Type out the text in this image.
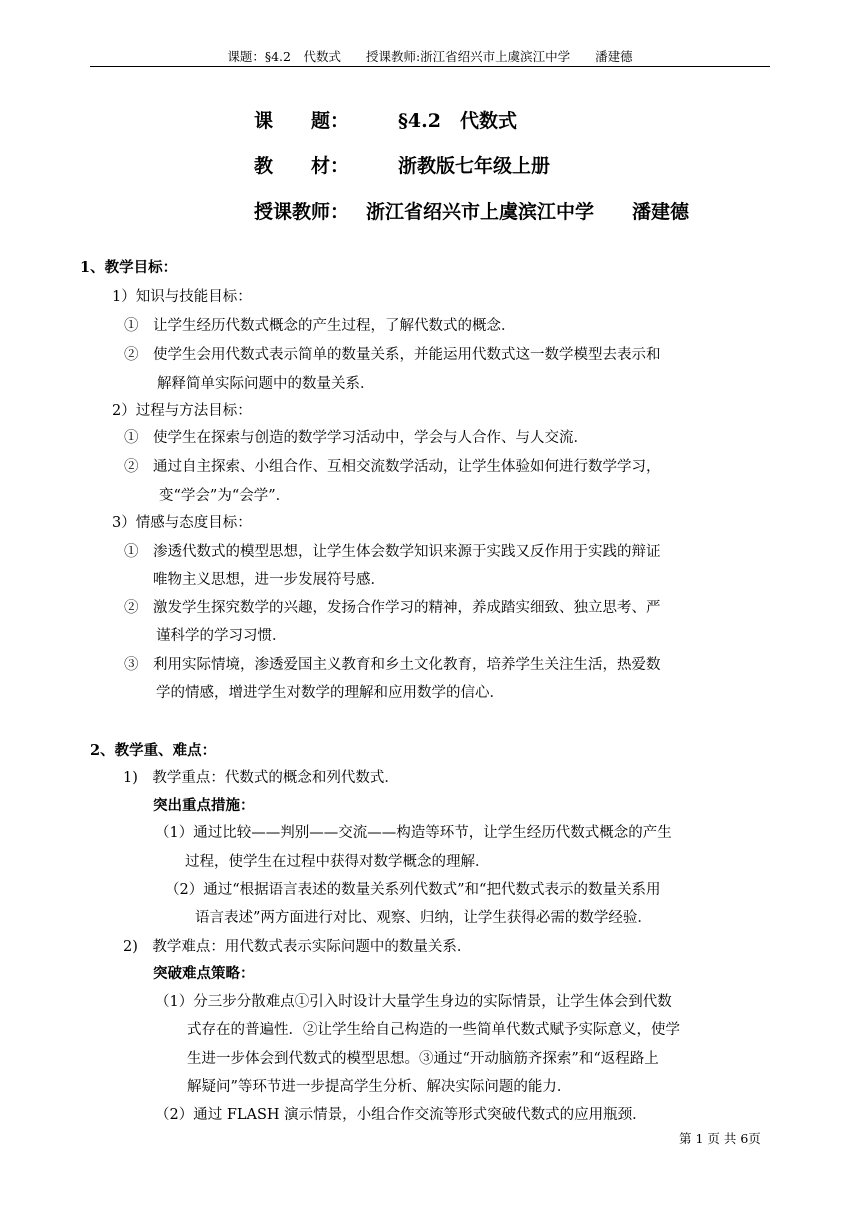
课题：§4.2　代数式　　授课教师:浙江省绍兴市上虞滨江中学　　潘建德
课　　题：	§4.2　代数式
教　　材：	浙教版七年级上册
授课教师： 浙江省绍兴市上虞滨江中学　　潘建德
1、教学目标：
1）知识与技能目标：
①　让学生经历代数式概念的产生过程，了解代数式的概念．
②　使学生会用代数式表示简单的数量关系，并能运用代数式这一数学模型去表示和
解释简单实际问题中的数量关系．
2）过程与方法目标：
①　使学生在探索与创造的数学学习活动中，学会与人合作、与人交流．
②　通过自主探索、小组合作、互相交流数学活动，让学生体验如何进行数学学习，
变“学会”为“会学”．
3）情感与态度目标：
①　渗透代数式的模型思想，让学生体会数学知识来源于实践又反作用于实践的辩证
唯物主义思想，进一步发展符号感．
②　激发学生探究数学的兴趣，发扬合作学习的精神，养成踏实细致、独立思考、严
谨科学的学习习惯．
③　利用实际情境，渗透爱国主义教育和乡土文化教育，培养学生关注生活，热爱数
学的情感，增进学生对数学的理解和应用数学的信心．
2、教学重、难点：
1)　教学重点：代数式的概念和列代数式．
突出重点措施：
（1）通过比较——判别——交流——构造等环节，让学生经历代数式概念的产生
过程，使学生在过程中获得对数学概念的理解．
（2）通过“根据语言表述的数量关系列代数式”和“把代数式表示的数量关系用
语言表述”两方面进行对比、观察、归纳，让学生获得必需的数学经验．
2)　教学难点：用代数式表示实际问题中的数量关系．
突破难点策略：
（1）分三步分散难点①引入时设计大量学生身边的实际情景，让学生体会到代数
式存在的普遍性．②让学生给自己构造的一些简单代数式赋予实际意义，使学
生进一步体会到代数式的模型思想。③通过“开动脑筋齐探索”和“返程路上
解疑问”等环节进一步提高学生分析、解决实际问题的能力．
（2）通过 FLASH 演示情景，小组合作交流等形式突破代数式的应用瓶颈．
第 1 页 共 6页
